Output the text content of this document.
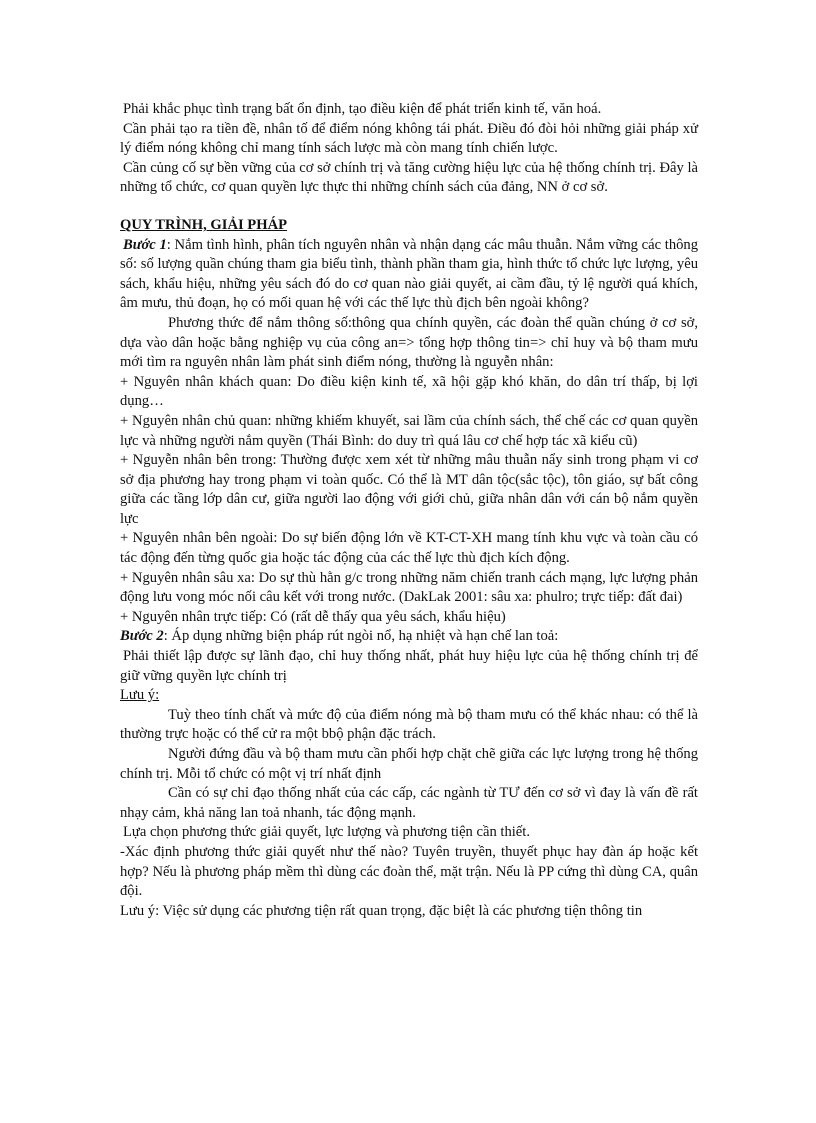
Phải khắc phục tình trạng bất ổn định, tạo điều kiện để phát triển kinh tế, văn hoá.

Cần phải tạo ra tiền đề, nhân tố để điểm nóng không tái phát. Điều đó đòi hỏi những giải pháp xử lý điểm nóng không chỉ mang tính sách lược mà còn mang tính chiến lược.

Cần củng cố sự bền vững của cơ sở chính trị và tăng cường hiệu lực của hệ thống chính trị. Đây là những tổ chức, cơ quan quyền lực thực thi những chính sách của đảng, NN ở cơ sở.

QUY TRÌNH, GIẢI PHÁP

Bước 1: Nắm tình hình, phân tích nguyên nhân và nhận dạng các mâu thuẫn. Nắm vững các thông số: số lượng quần chúng tham gia biểu tình, thành phần tham gia, hình thức tổ chức lực lượng, yêu sách, khẩu hiệu, những yêu sách đó do cơ quan nào giải quyết, ai cầm đầu, tỷ lệ người quá khích, âm mưu, thủ đoạn, họ có mối quan hệ với các thế lực thù địch bên ngoài không?

Phương thức để nắm thông số:thông qua chính quyền, các đoàn thể quần chúng ở cơ sở, dựa vào dân hoặc bằng nghiệp vụ của công an=> tổng hợp thông tin=> chỉ huy và bộ tham mưu mới tìm ra nguyên nhân làm phát sinh điểm nóng, thường là nguyễn nhân:

+ Nguyên nhân khách quan: Do điều kiện kinh tế, xã hội gặp khó khăn, do dân trí thấp, bị lợi dụng…

+ Nguyên nhân chủ quan: những khiếm khuyết, sai lầm của chính sách, thể chế các cơ quan quyền lực và những người nắm quyền (Thái Bình: do duy trì quá lâu cơ chế hợp tác xã kiểu cũ)

+ Nguyễn nhân bên trong: Thường được xem xét từ những mâu thuẫn nẩy sinh trong phạm vi cơ sở địa phương hay trong phạm vi toàn quốc. Có thể là MT dân tộc(sắc tộc), tôn giáo, sự bất công giữa các tầng lớp dân cư, giữa người lao động với giới chủ, giữa nhân dân với cán bộ nắm quyền lực

+ Nguyên nhân bên ngoài: Do sự biến động lớn về KT-CT-XH mang tính khu vực và toàn cầu có tác động đến từng quốc gia hoặc tác động của các thế lực thù địch kích động.

+ Nguyên nhân sâu xa: Do sự thù hằn g/c trong những năm chiến tranh cách mạng, lực lượng phản động lưu vong móc nối câu kết với trong nước. (DakLak 2001: sâu xa: phulro; trực tiếp: đất đai)

+ Nguyên nhân trực tiếp: Có (rất dễ thấy qua yêu sách, khẩu hiệu)

Bước 2: Áp dụng những biện pháp rút ngòi nổ, hạ nhiệt và hạn chế lan toả:

Phải thiết lập được sự lãnh đạo, chỉ huy thống nhất, phát huy hiệu lực của hệ thống chính trị để giữ vững quyền lực chính trị

Lưu ý:

Tuỳ theo tính chất và mức độ của điểm nóng mà bộ tham mưu có thể khác nhau: có thể là thường trực hoặc có thể cử ra một bbộ phận đặc trách.

Người đứng đầu và bộ tham mưu cần phối hợp chặt chẽ giữa các lực lượng trong hệ thống chính trị. Mỗi tổ chức có một vị trí nhất định

Cần có sự chỉ đạo thống nhất của các cấp, các ngành từ TƯ đến cơ sở vì đay là vấn đề rất nhạy cảm, khả năng lan toả nhanh, tác động mạnh.

Lựa chọn phương thức giải quyết, lực lượng và phương tiện cần thiết.

-Xác định phương thức giải quyết như thế nào? Tuyên truyền, thuyết phục hay đàn áp hoặc kết hợp? Nếu là phương pháp mềm thì dùng các đoàn thể, mặt trận. Nếu là PP cứng thì dùng CA, quân đội.

Lưu ý: Việc sử dụng các phương tiện rất quan trọng, đặc biệt là các phương tiện thông tin
